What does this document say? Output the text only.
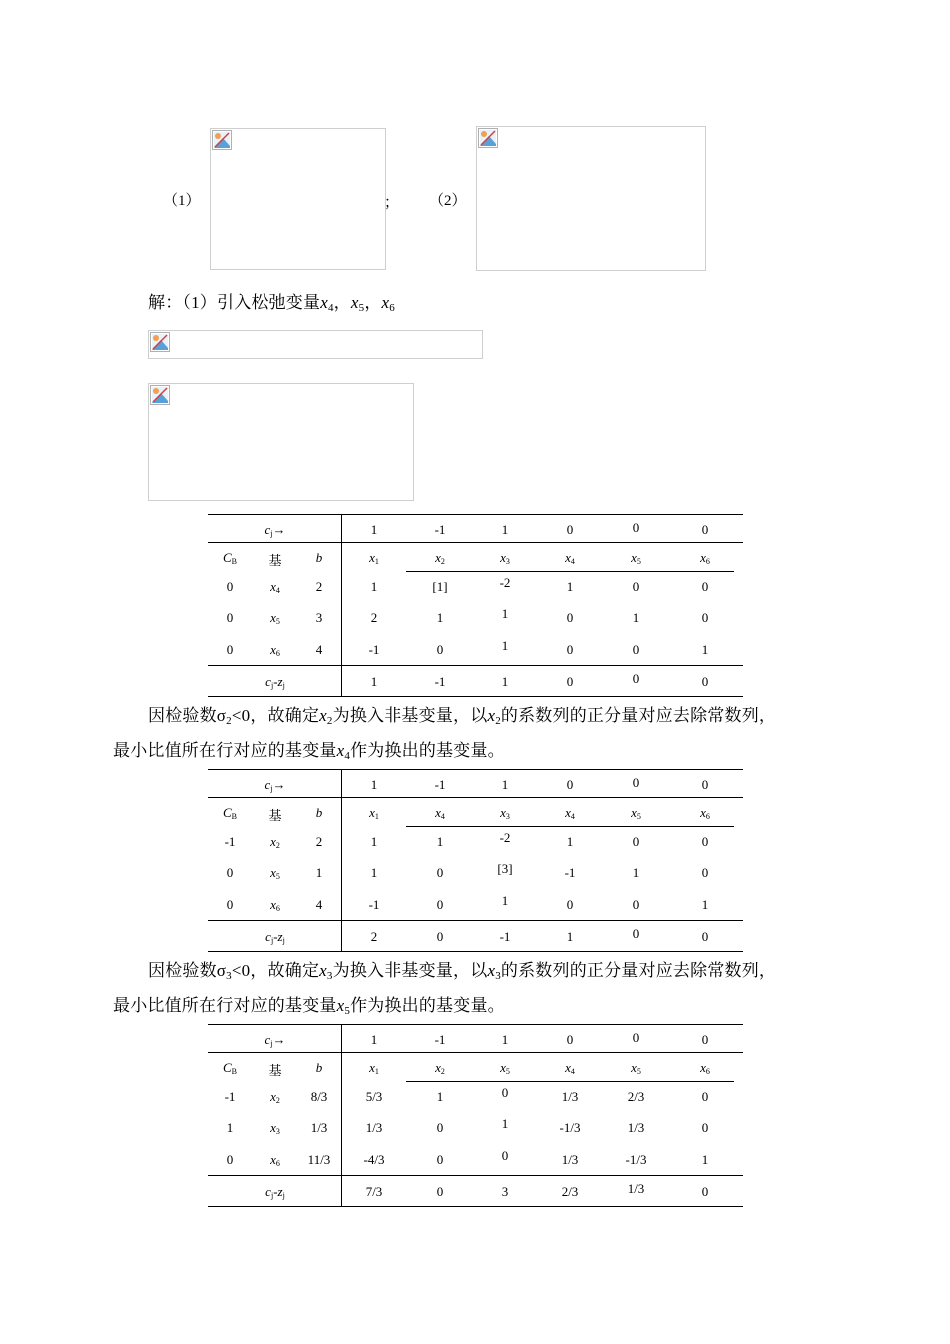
（1）	； （2）
解：（1）引入松弛变量$x_4$，$x_5$，$x_6$
$c_j\to$	1	-1	1	0	0	0
$C_B$	基	b	$x_1$	$x_2$	$x_3$	$x_4$	$x_5$	$x_6$
0	$x_4$	2	1	[1]	-2	1	0	0
0	$x_5$	3	2	1	1	0	1	0
0	$x_6$	4	-1	0	1	0	0	1
$c_j-z_j$	1	-1	1	0	0	0
因检验数$\sigma_2<0$，故确定$x_2$为换入非基变量，以$x_2$的系数列的正分量对应去除常数列，
最小比值所在行对应的基变量$x_4$作为换出的基变量。
$c_j\to$	1	-1	1	0	0	0
$C_B$	基	b	$x_1$	$x_4$	$x_3$	$x_4$	$x_5$	$x_6$
-1	$x_2$	2	1	1	-2	1	0	0
0	$x_5$	1	1	0	[3]	-1	1	0
0	$x_6$	4	-1	0	1	0	0	1
$c_j-z_j$	2	0	-1	1	0	0
因检验数$\sigma_3<0$，故确定$x_3$为换入非基变量，以$x_3$的系数列的正分量对应去除常数列，
最小比值所在行对应的基变量$x_5$作为换出的基变量。
$c_j\to$	1	-1	1	0	0	0
$C_B$	基	b	$x_1$	$x_2$	$x_5$	$x_4$	$x_5$	$x_6$
-1	$x_2$	8/3	5/3	1	0	1/3	2/3	0
1	$x_3$	1/3	1/3	0	1	-1/3	1/3	0
0	$x_6$	11/3	-4/3	0	0	1/3	-1/3	1
$c_j-z_j$	7/3	0	3	2/3	1/3	0
